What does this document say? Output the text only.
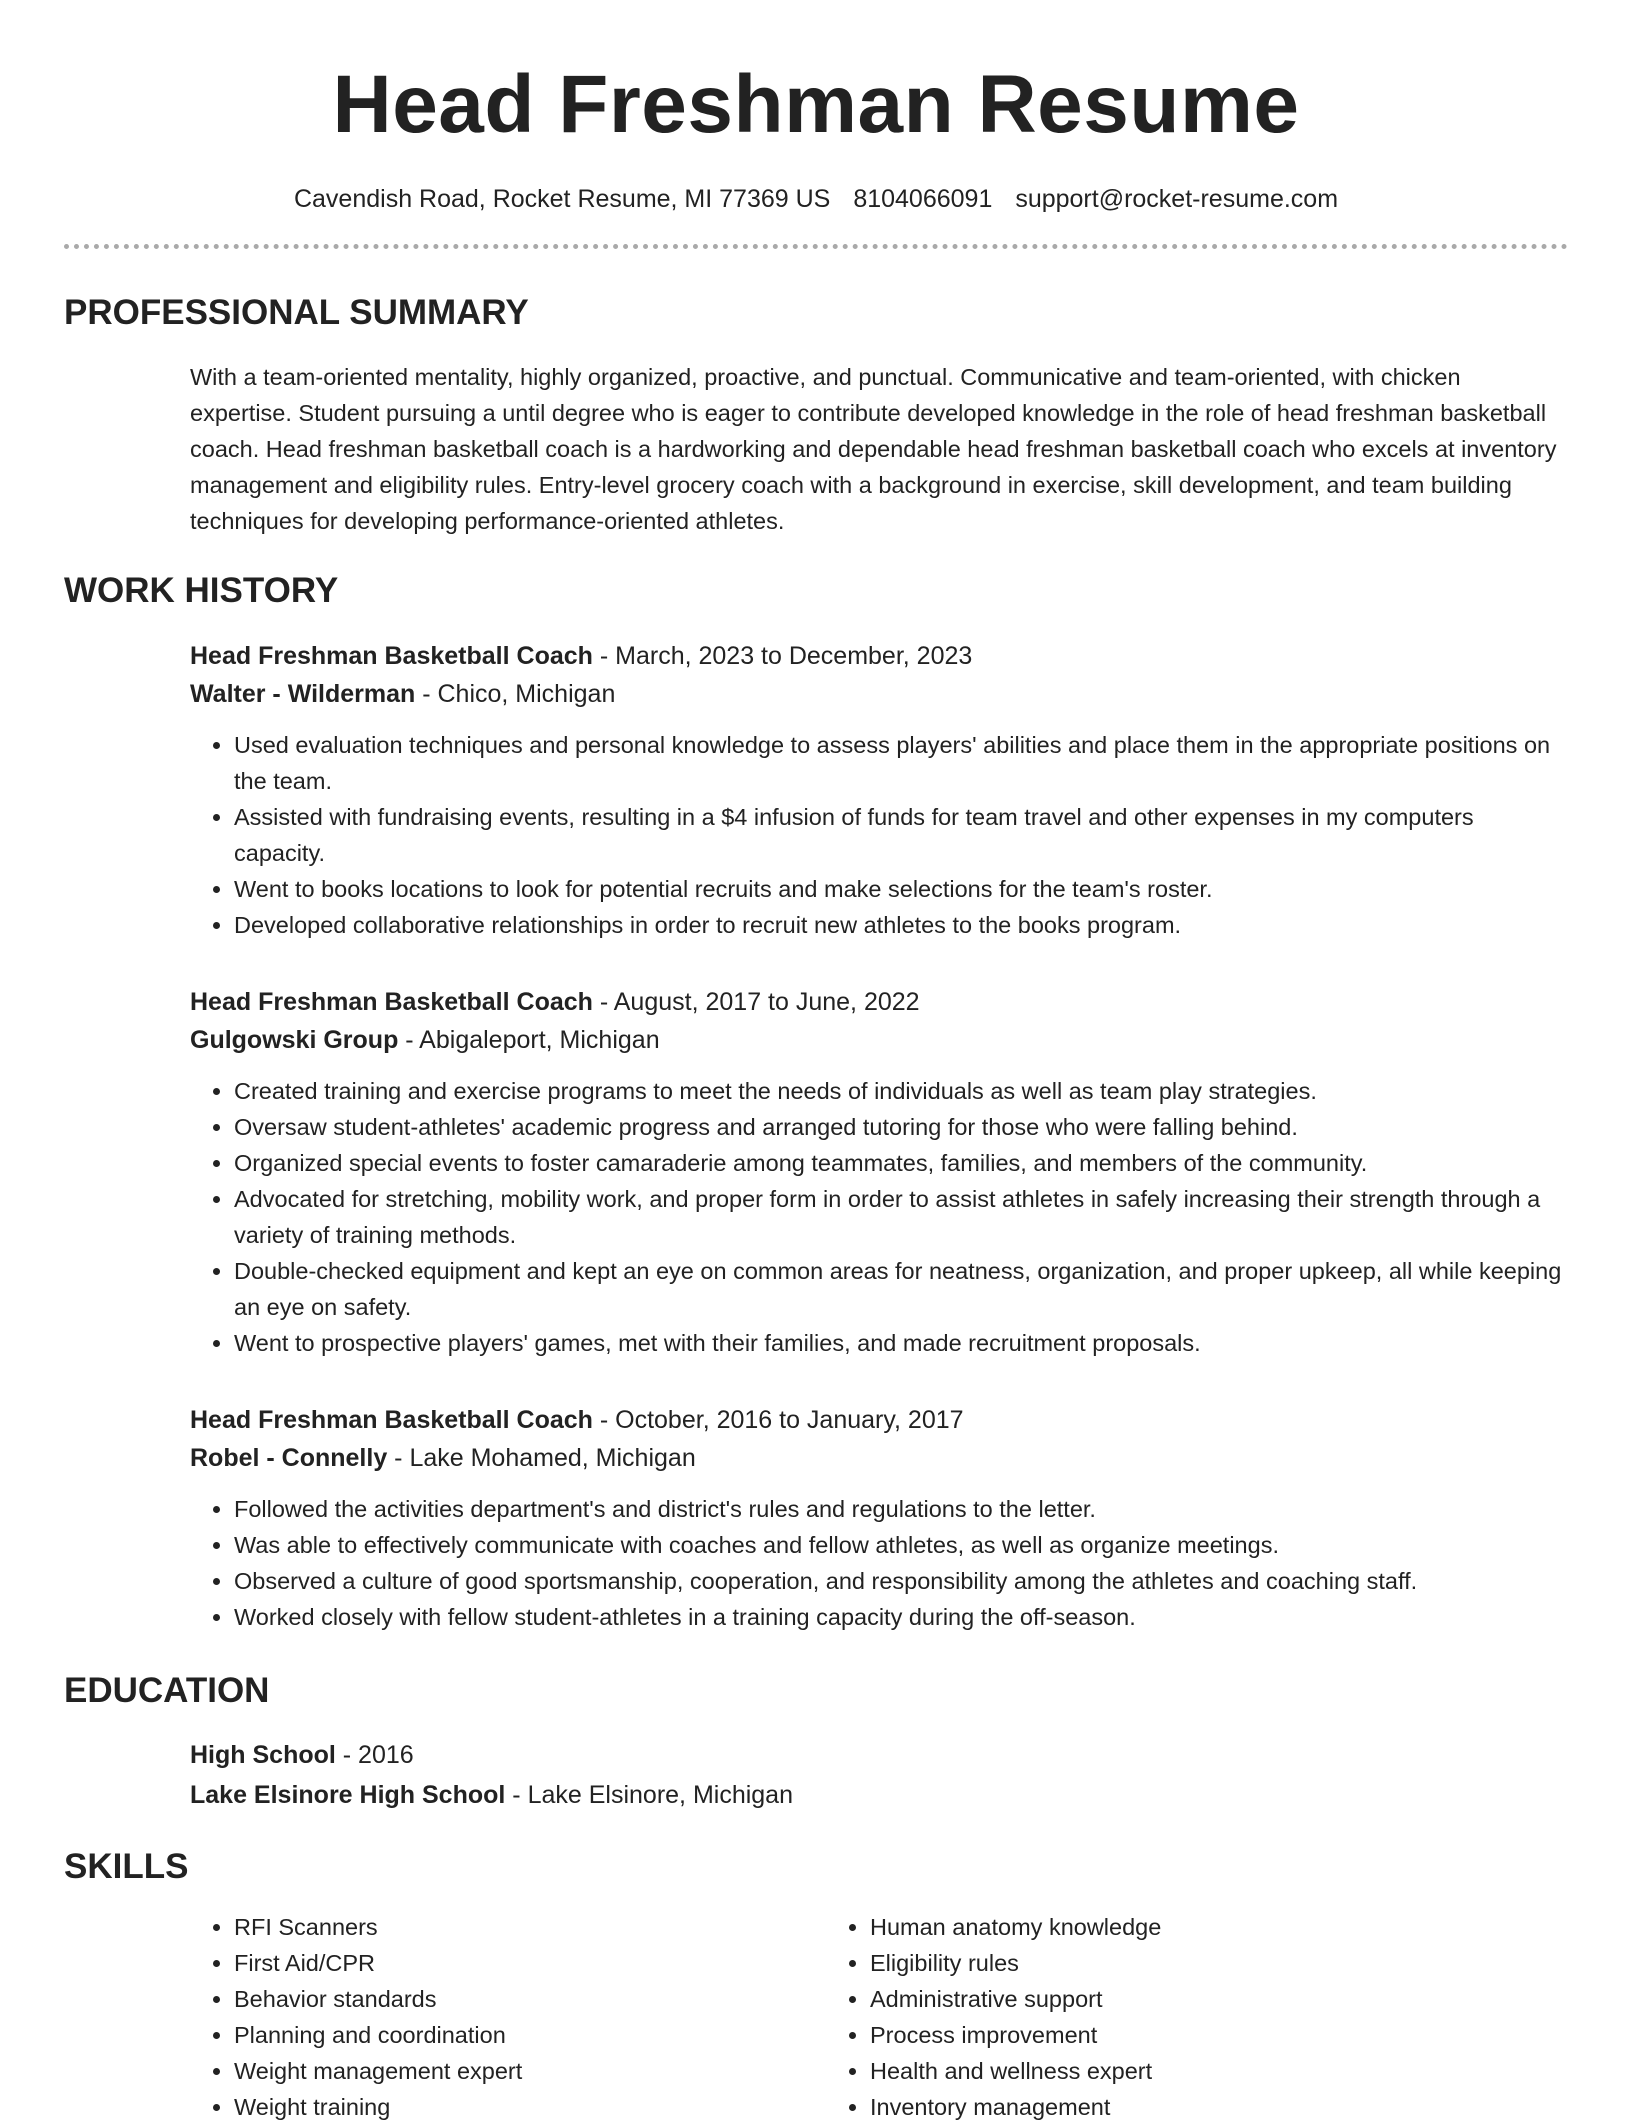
Head Freshman Resume
Cavendish Road, Rocket Resume, MI 77369 US 8104066091 support@rocket-resume.com
PROFESSIONAL SUMMARY
With a team-oriented mentality, highly organized, proactive, and punctual. Communicative and team-oriented, with chicken expertise. Student pursuing a until degree who is eager to contribute developed knowledge in the role of head freshman basketball coach. Head freshman basketball coach is a hardworking and dependable head freshman basketball coach who excels at inventory management and eligibility rules. Entry-level grocery coach with a background in exercise, skill development, and team building techniques for developing performance-oriented athletes.
WORK HISTORY
Head Freshman Basketball Coach - March, 2023 to December, 2023
Walter - Wilderman - Chico, Michigan
• Used evaluation techniques and personal knowledge to assess players' abilities and place them in the appropriate positions on the team.
• Assisted with fundraising events, resulting in a $4 infusion of funds for team travel and other expenses in my computers capacity.
• Went to books locations to look for potential recruits and make selections for the team's roster.
• Developed collaborative relationships in order to recruit new athletes to the books program.
Head Freshman Basketball Coach - August, 2017 to June, 2022
Gulgowski Group - Abigaleport, Michigan
• Created training and exercise programs to meet the needs of individuals as well as team play strategies.
• Oversaw student-athletes' academic progress and arranged tutoring for those who were falling behind.
• Organized special events to foster camaraderie among teammates, families, and members of the community.
• Advocated for stretching, mobility work, and proper form in order to assist athletes in safely increasing their strength through a variety of training methods.
• Double-checked equipment and kept an eye on common areas for neatness, organization, and proper upkeep, all while keeping an eye on safety.
• Went to prospective players' games, met with their families, and made recruitment proposals.
Head Freshman Basketball Coach - October, 2016 to January, 2017
Robel - Connelly - Lake Mohamed, Michigan
• Followed the activities department's and district's rules and regulations to the letter.
• Was able to effectively communicate with coaches and fellow athletes, as well as organize meetings.
• Observed a culture of good sportsmanship, cooperation, and responsibility among the athletes and coaching staff.
• Worked closely with fellow student-athletes in a training capacity during the off-season.
EDUCATION
High School - 2016
Lake Elsinore High School - Lake Elsinore, Michigan
SKILLS
• RFI Scanners
• First Aid/CPR
• Behavior standards
• Planning and coordination
• Weight management expert
• Weight training
• Human anatomy knowledge
• Eligibility rules
• Administrative support
• Process improvement
• Health and wellness expert
• Inventory management
